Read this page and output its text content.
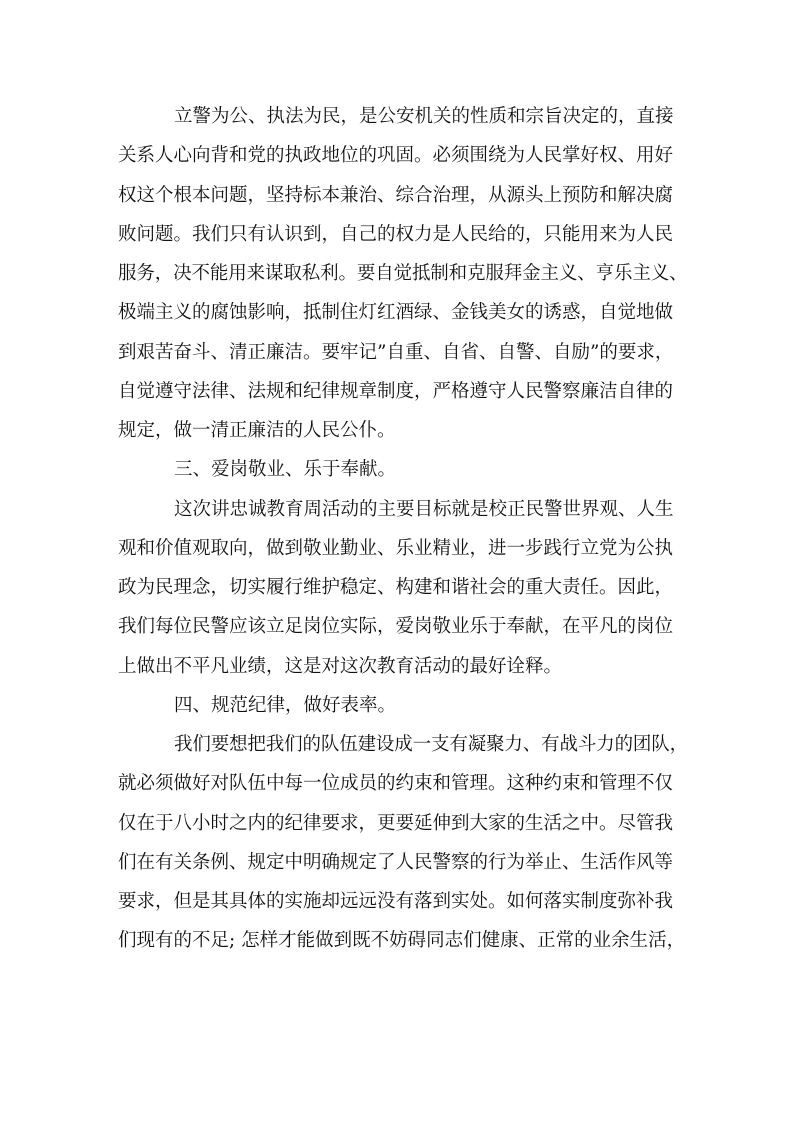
立警为公、执法为民，是公安机关的性质和宗旨决定的，直接
关系人心向背和党的执政地位的巩固。必须围绕为人民掌好权、用好
权这个根本问题，坚持标本兼治、综合治理，从源头上预防和解决腐
败问题。我们只有认识到，自己的权力是人民给的，只能用来为人民
服务，决不能用来谋取私利。要自觉抵制和克服拜金主义、亨乐主义、
极端主义的腐蚀影响，抵制住灯红酒绿、金钱美女的诱惑，自觉地做
到艰苦奋斗、清正廉洁。要牢记”自重、自省、自警、自励”的要求，
自觉遵守法律、法规和纪律规章制度，严格遵守人民警察廉洁自律的
规定，做一清正廉洁的人民公仆。
三、爱岗敬业、乐于奉献。
这次讲忠诚教育周活动的主要目标就是校正民警世界观、人生
观和价值观取向，做到敬业勤业、乐业精业，进一步践行立党为公执
政为民理念，切实履行维护稳定、构建和谐社会的重大责任。因此，
我们每位民警应该立足岗位实际，爱岗敬业乐于奉献，在平凡的岗位
上做出不平凡业绩，这是对这次教育活动的最好诠释。
四、规范纪律，做好表率。
我们要想把我们的队伍建设成一支有凝聚力、有战斗力的团队，
就必须做好对队伍中每一位成员的约束和管理。这种约束和管理不仅
仅在于八小时之内的纪律要求，更要延伸到大家的生活之中。尽管我
们在有关条例、规定中明确规定了人民警察的行为举止、生活作风等
要求，但是其具体的实施却远远没有落到实处。如何落实制度弥补我
们现有的不足; 怎样才能做到既不妨碍同志们健康、正常的业余生活，
